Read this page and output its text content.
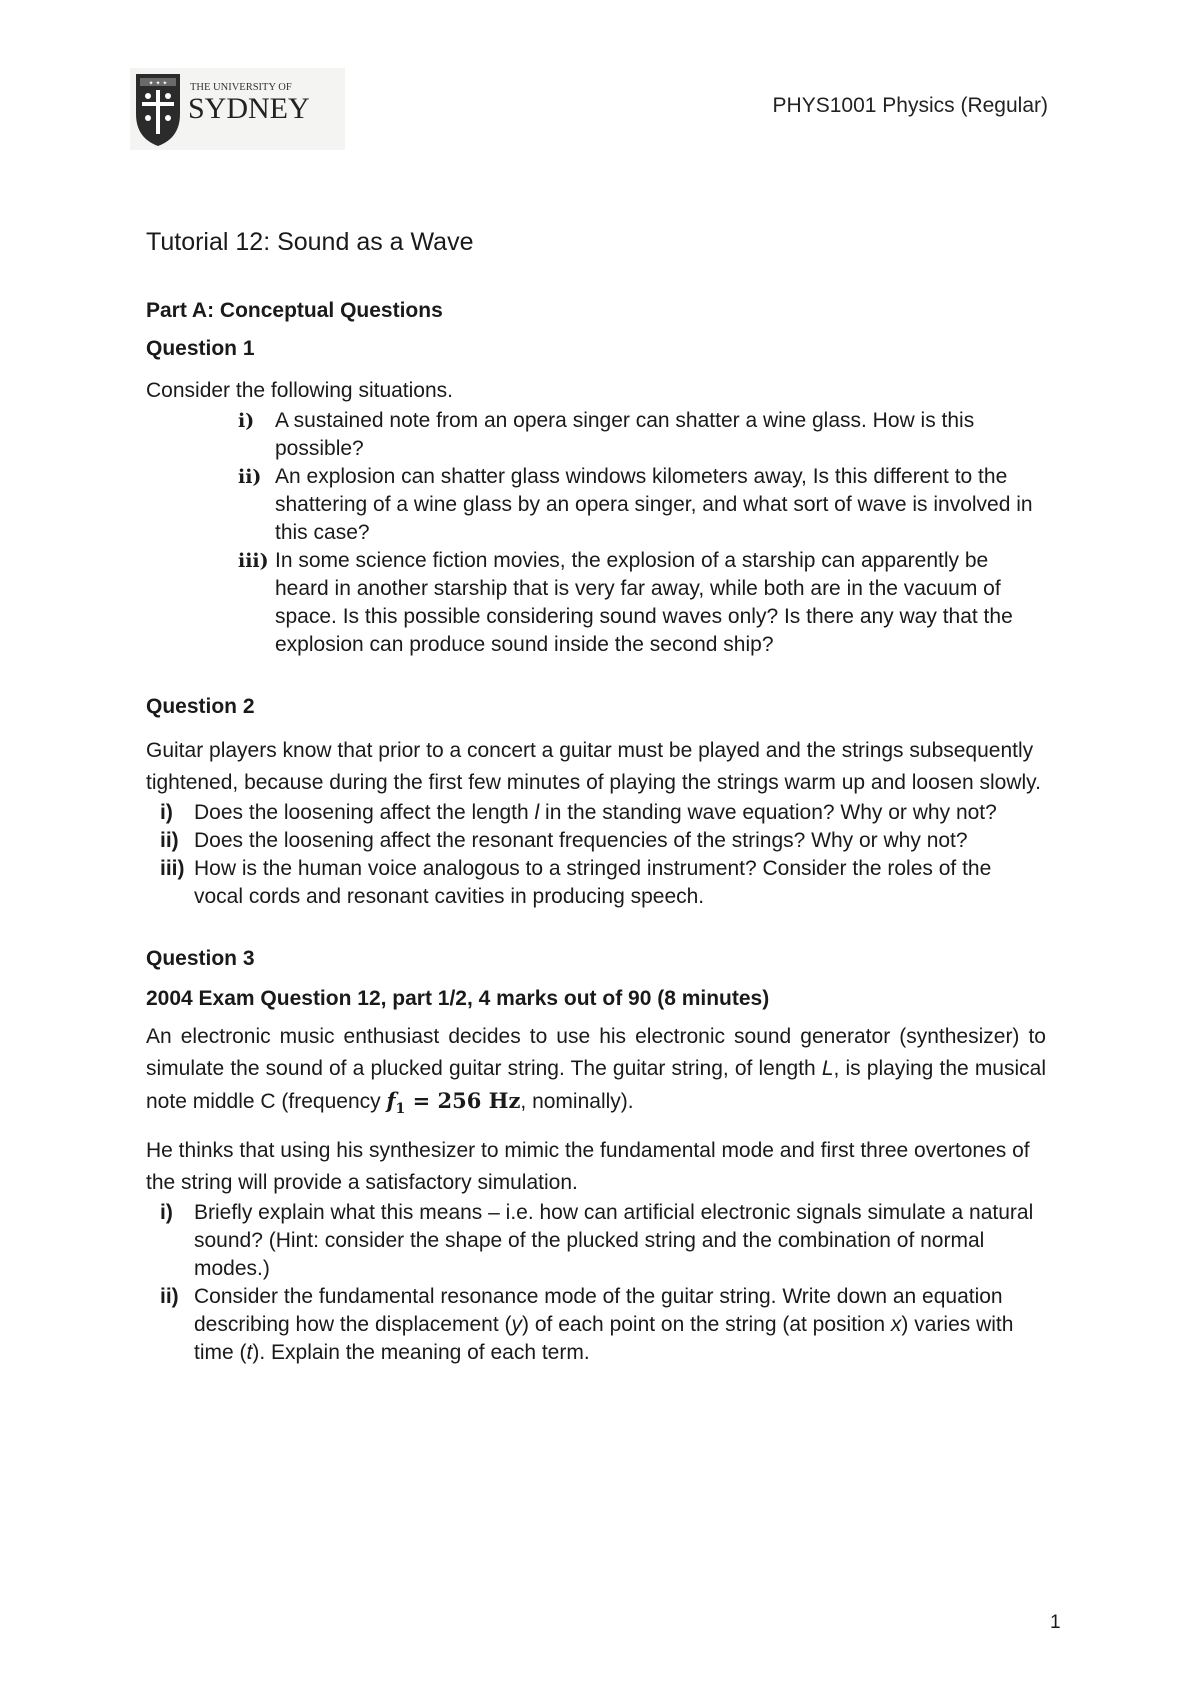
✦ ✦ ✦ THE UNIVERSITY OF
SYDNEY	PHYS1001 Physics (Regular)
Tutorial 12: Sound as a Wave
Part A: Conceptual Questions
Question 1

Consider the following situations.

i) A sustained note from an opera singer can shatter a wine glass. How is this possible?
ii) An explosion can shatter glass windows kilometers away, Is this different to the shattering of a wine glass by an opera singer, and what sort of wave is involved in this case?
iii) In some science fiction movies, the explosion of a starship can apparently be heard in another starship that is very far away, while both are in the vacuum of space. Is this possible considering sound waves only? Is there any way that the explosion can produce sound inside the second ship?
Question 2

Guitar players know that prior to a concert a guitar must be played and the strings subsequently tightened, because during the first few minutes of playing the strings warm up and loosen slowly.

i)	Does the loosening affect the length l in the standing wave equation? Why or why not?
ii) Does the loosening affect the resonant frequencies of the strings? Why or why not?
iii) How is the human voice analogous to a stringed instrument? Consider the roles of the vocal cords and resonant cavities in producing speech.
Question 3
2004 Exam Question 12, part 1/2, 4 marks out of 90 (8 minutes)

An electronic music enthusiast decides to use his electronic sound generator (synthesizer) to simulate the sound of a plucked guitar string. The guitar string, of length L, is playing the musical note middle C (frequency $f_1 = 256$ Hz, nominally).

He thinks that using his synthesizer to mimic the fundamental mode and first three overtones of the string will provide a satisfactory simulation.

i)	Briefly explain what this means – i.e. how can artificial electronic signals simulate a natural sound? (Hint: consider the shape of the plucked string and the combination of normal modes.)
ii) Consider the fundamental resonance mode of the guitar string. Write down an equation describing how the displacement (y) of each point on the string (at position x) varies with time (t). Explain the meaning of each term.
1
